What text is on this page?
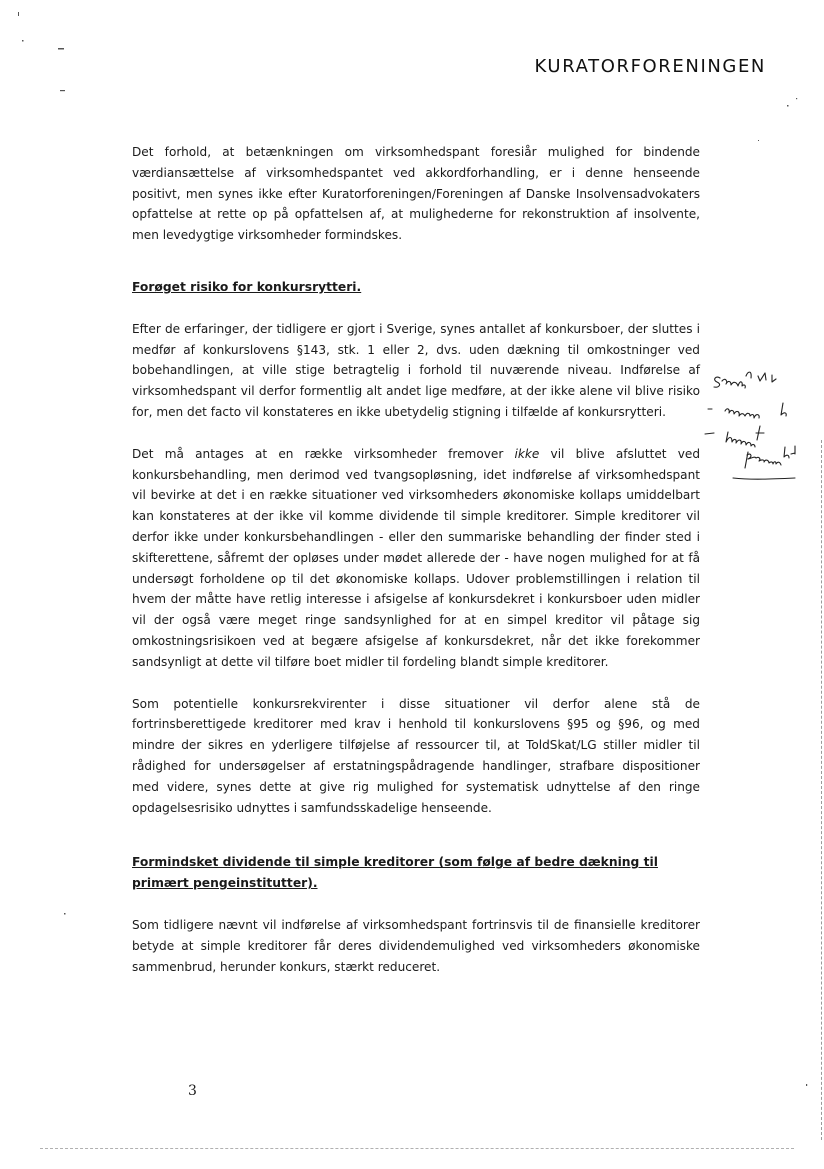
KURATORFORENINGEN

Det forhold, at betænkningen om virksomhedspant foresiår mulighed for bindende værdiansættelse af virksomhedspantet ved akkordforhandling, er i denne henseende positivt, men synes ikke efter Kuratorforeningen/Foreningen af Danske Insolvensadvokaters opfattelse at rette op på opfattelsen af, at mulighederne for rekonstruktion af insolvente, men levedygtige virksomheder formindskes.

Forøget risiko for konkursrytteri.

Efter de erfaringer, der tidligere er gjort i Sverige, synes antallet af konkursboer, der sluttes i medfør af konkurslovens §143, stk. 1 eller 2, dvs. uden dækning til omkostninger ved bobehandlingen, at ville stige betragtelig i forhold til nuværende niveau. Indførelse af virksomhedspant vil derfor formentlig alt andet lige medføre, at der ikke alene vil blive risiko for, men det facto vil konstateres en ikke ubetydelig stigning i tilfælde af konkursrytteri.

Det må antages at en række virksomheder fremover ikke vil blive afsluttet ved konkursbehandling, men derimod ved tvangsopløsning, idet indførelse af virksomhedspant vil bevirke at det i en række situationer ved virksomheders økonomiske kollaps umiddelbart kan konstateres at der ikke vil komme dividende til simple kreditorer. Simple kreditorer vil derfor ikke under konkursbehandlingen - eller den summariske behandling der finder sted i skifterettene, såfremt der opløses under mødet allerede der - have nogen mulighed for at få undersøgt forholdene op til det økonomiske kollaps. Udover problemstillingen i relation til hvem der måtte have retlig interesse i afsigelse af konkursdekret i konkursboer uden midler vil der også være meget ringe sandsynlighed for at en simpel kreditor vil påtage sig omkostningsrisikoen ved at begære afsigelse af konkursdekret, når det ikke forekommer sandsynligt at dette vil tilføre boet midler til fordeling blandt simple kreditorer.

Som potentielle konkursrekvirenter i disse situationer vil derfor alene stå de fortrinsberettigede kreditorer med krav i henhold til konkurslovens §95 og §96, og med mindre der sikres en yderligere tilføjelse af ressourcer til, at ToldSkat/LG stiller midler til rådighed for undersøgelser af erstatningspådragende handlinger, strafbare dispositioner med videre, synes dette at give rig mulighed for systematisk udnyttelse af den ringe opdagelsesrisiko udnyttes i samfundsskadelige henseende.

Formindsket dividende til simple kreditorer (som følge af bedre dækning til primært pengeinstitutter).

Som tidligere nævnt vil indførelse af virksomhedspant fortrinsvis til de finansielle kreditorer betyde at simple kreditorer får deres dividendemulighed ved virksomheders økonomiske sammenbrud, herunder konkurs, stærkt reduceret.

3
